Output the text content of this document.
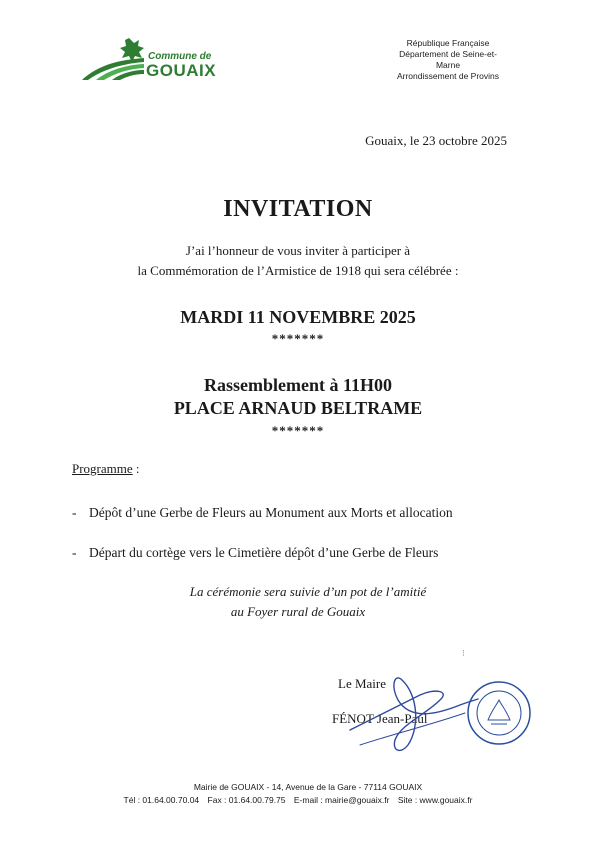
Commune de
GOUAIX
République Française
Département de Seine-et-
Marne
Arrondissement de Provins
Gouaix, le 23 octobre 2025
INVITATION
J’ai l’honneur de vous inviter à participer à
la Commémoration de l’Armistice de 1918 qui sera célébrée :
MARDI 11 NOVEMBRE 2025
*******
Rassemblement à 11H00
PLACE ARNAUD BELTRAME
*******
Programme :
- Dépôt d’une Gerbe de Fleurs au Monument aux Morts et allocation
- Départ du cortège vers le Cimetière dépôt d’une Gerbe de Fleurs
La cérémonie sera suivie d’un pot de l’amitié
au Foyer rural de Gouaix
⁝
Le Maire
FÉNOT Jean-Paul
Mairie de GOUAIX - 14, Avenue de la Gare - 77114 GOUAIX
Tél : 01.64.00.70.04 Fax : 01.64.00.79.75 E-mail : mairie@gouaix.fr Site : www.gouaix.fr
